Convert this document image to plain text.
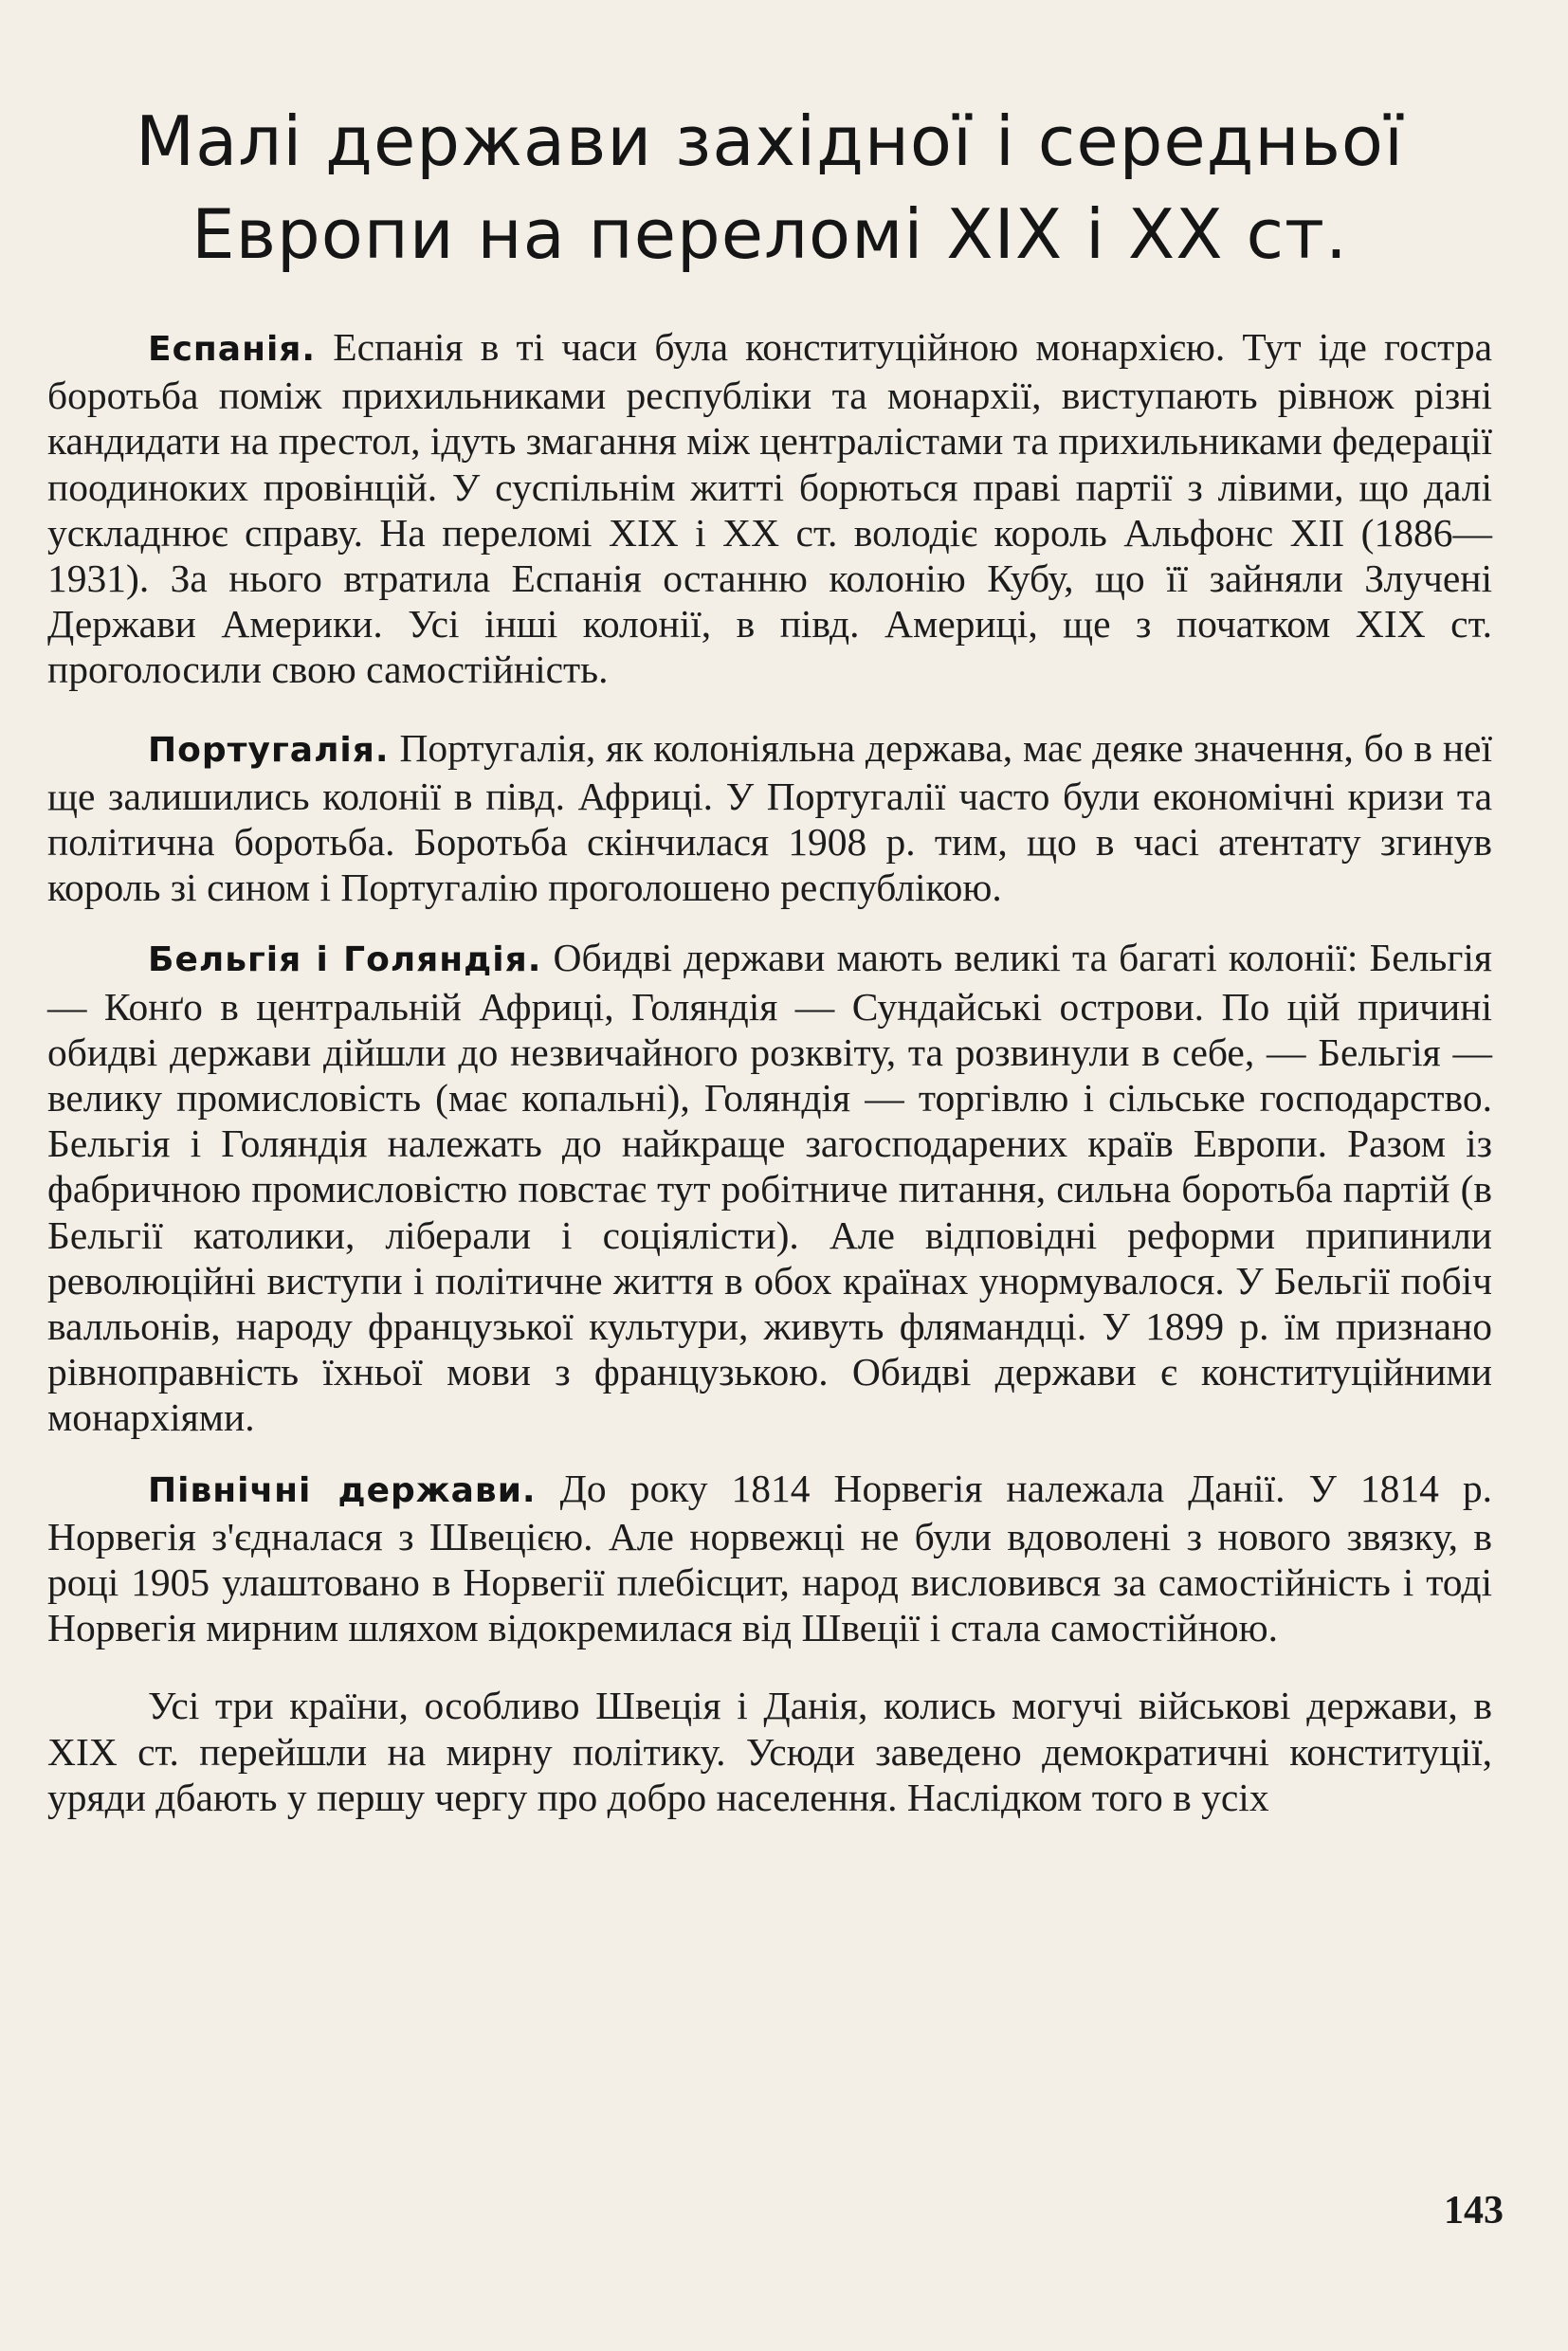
Малі держави західної і середньої
Европи на переломі XIX і XX ст.

Еспанія. Еспанія в ті часи була конституційною монархією. Тут іде гостра боротьба поміж прихильниками республіки та монархії, виступають рівнож різні кандидати на престол, ідуть змагання між централістами та прихильниками федерації поодиноких провінцій. У суспільнім житті борються праві партії з лівими, що далі ускладнює справу. На переломі XIX і XX ст. володіє король Альфонс XII (1886—1931). За нього втратила Еспанія останню колонію Кубу, що її зайняли Злучені Держави Америки. Усі інші колонії, в півд. Америці, ще з початком XIX ст. проголосили свою самостійність.

Португалія. Португалія, як колоніяльна держава, має деяке значення, бо в неї ще залишились колонії в півд. Африці. У Португалії часто були економічні кризи та політична боротьба. Боротьба скінчилася 1908 р. тим, що в часі атентату згинув король зі сином і Португалію проголошено республікою.

Бельгія і Голяндія. Обидві держави мають великі та багаті колонії: Бельгія — Конґо в центральній Африці, Голяндія — Сундайські острови. По цій причині обидві держави дійшли до незвичайного розквіту, та розвинули в себе, — Бельгія — велику промисловість (має копальні), Голяндія — торгівлю і сільське господарство. Бельгія і Голяндія належать до найкраще загосподарених країв Европи. Разом із фабричною промисловістю повстає тут робітниче питання, сильна боротьба партій (в Бельгії католики, ліберали і соціялісти). Але відповідні реформи припинили революційні виступи і політичне життя в обох країнах унормувалося. У Бельгії побіч валльонів, народу французької культури, живуть флямандці. У 1899 р. їм признано рівноправність їхньої мови з французькою. Обидві держави є конституційними монархіями.

Північні держави. До року 1814 Норвегія належала Данії. У 1814 р. Норвегія з'єдналася з Швецією. Але норвежці не були вдоволені з нового звязку, в році 1905 улаштовано в Норвегії плебісцит, народ висловився за самостійність і тоді Норвегія мирним шляхом відокремилася від Швеції і стала самостійною.

Усі три країни, особливо Швеція і Данія, колись могучі військові держави, в XIX ст. перейшли на мирну політику. Усюди заведено демократичні конституції, уряди дбають у першу чергу про добро населення. Наслідком того в усіх

143
